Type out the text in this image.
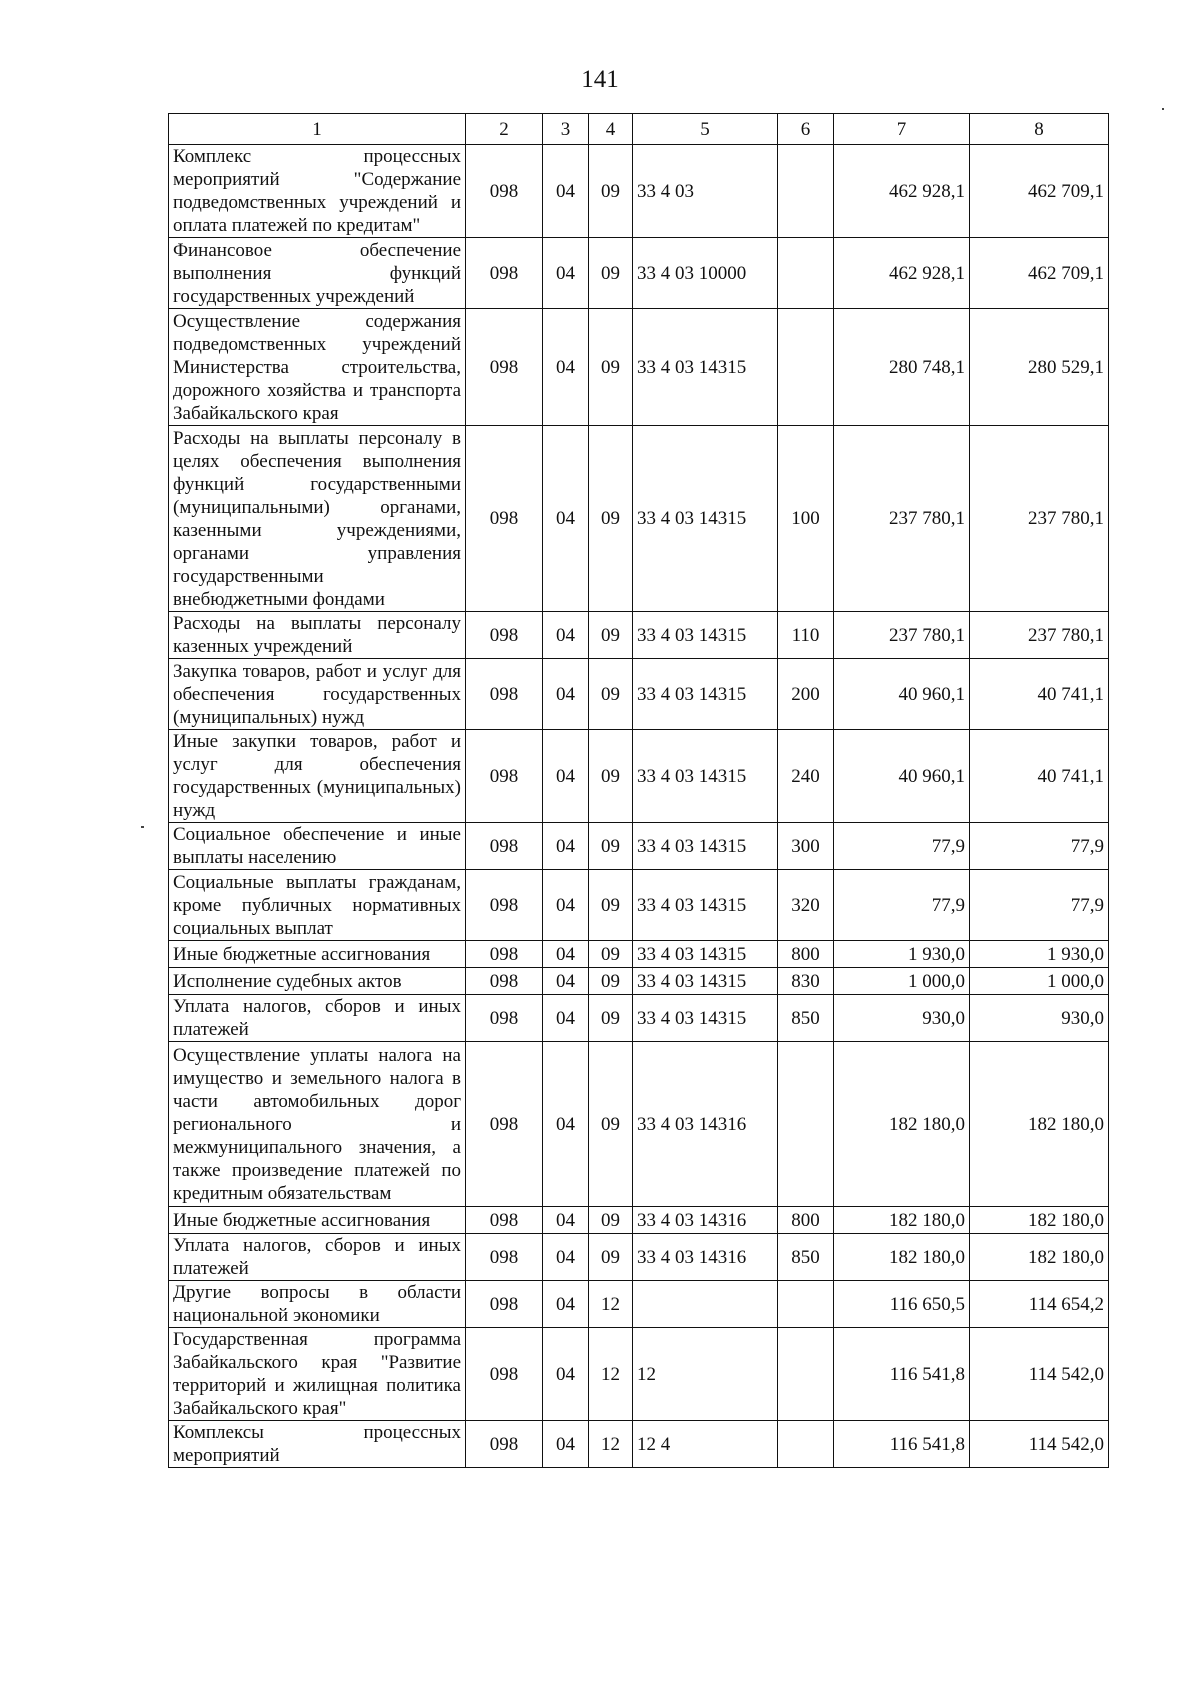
141
1	2	3	4	5	6	7	8
Комплекс процессных мероприятий "Содержание подведомственных учреждений и оплата платежей по кредитам"	098	04	09	33 4 03		462 928,1	462 709,1
Финансовое обеспечение выполнения функций государственных учреждений	098	04	09	33 4 03 10000		462 928,1	462 709,1
Осуществление содержания подведомственных учреждений Министерства строительства, дорожного хозяйства и транспорта Забайкальского края	098	04	09	33 4 03 14315		280 748,1	280 529,1
Расходы на выплаты персоналу в целях обеспечения выполнения функций государственными (муниципальными) органами, казенными учреждениями, органами управления государственными внебюджетными фондами	098	04	09	33 4 03 14315	100	237 780,1	237 780,1
Расходы на выплаты персоналу казенных учреждений	098	04	09	33 4 03 14315	110	237 780,1	237 780,1
Закупка товаров, работ и услуг для обеспечения государственных (муниципальных) нужд	098	04	09	33 4 03 14315	200	40 960,1	40 741,1
Иные закупки товаров, работ и услуг для обеспечения государственных (муниципальных) нужд	098	04	09	33 4 03 14315	240	40 960,1	40 741,1
Социальное обеспечение и иные выплаты населению	098	04	09	33 4 03 14315	300	77,9	77,9
Социальные выплаты гражданам, кроме публичных нормативных социальных выплат	098	04	09	33 4 03 14315	320	77,9	77,9
Иные бюджетные ассигнования	098	04	09	33 4 03 14315	800	1 930,0	1 930,0
Исполнение судебных актов	098	04	09	33 4 03 14315	830	1 000,0	1 000,0
Уплата налогов, сборов и иных платежей	098	04	09	33 4 03 14315	850	930,0	930,0
Осуществление уплаты налога на имущество и земельного налога в части автомобильных дорог регионального и межмуниципального значения, а также произведение платежей по кредитным обязательствам	098	04	09	33 4 03 14316		182 180,0	182 180,0
Иные бюджетные ассигнования	098	04	09	33 4 03 14316	800	182 180,0	182 180,0
Уплата налогов, сборов и иных платежей	098	04	09	33 4 03 14316	850	182 180,0	182 180,0
Другие вопросы в области национальной экономики	098	04	12			116 650,5	114 654,2
Государственная программа Забайкальского края "Развитие территорий и жилищная политика Забайкальского края"	098	04	12	12		116 541,8	114 542,0
Комплексы процессных мероприятий	098	04	12	12 4		116 541,8	114 542,0
